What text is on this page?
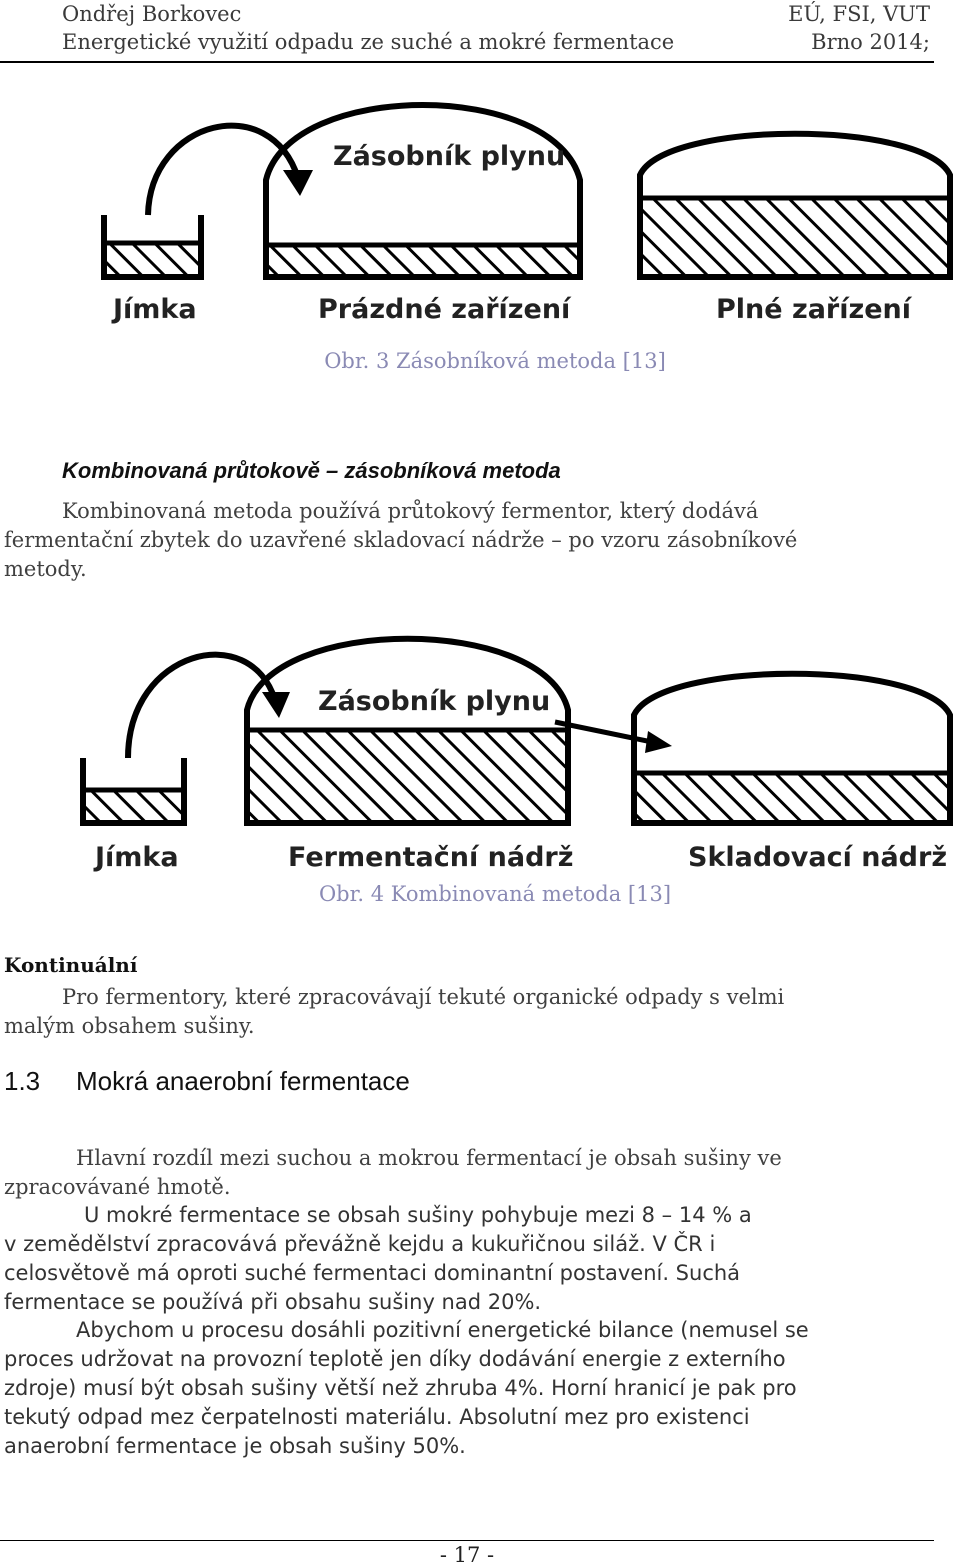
Ondřej Borkovec	EÚ, FSI, VUT
Energetické využití odpadu ze suché a mokré fermentace	Brno 2014;
Zásobník plynu
Jímka	Prázdné zařízení	Plné zařízení
Obr. 3 Zásobníková metoda [13]
Kombinovaná průtokově – zásobníková metoda

Kombinovaná metoda používá průtokový fermentor, který dodává

fermentační zbytek do uzavřené skladovací nádrže – po vzoru zásobníkové

metody.

Zásobník plynu
Jímka	Fermentační nádrž	Skladovací nádrž
Obr. 4 Kombinovaná metoda [13]
Kontinuální

Pro fermentory, které zpracovávají tekuté organické odpady s velmi

malým obsahem sušiny.

1.3 Mokrá anaerobní fermentace

Hlavní rozdíl mezi suchou a mokrou fermentací je obsah sušiny ve

zpracovávané hmotě.

U mokré fermentace se obsah sušiny pohybuje mezi 8 – 14 % a

v zemědělství zpracovává převážně kejdu a kukuřičnou siláž. V ČR i

celosvětově má oproti suché fermentaci dominantní postavení. Suchá

fermentace se používá při obsahu sušiny nad 20%.

Abychom u procesu dosáhli pozitivní energetické bilance (nemusel se

proces udržovat na provozní teplotě jen díky dodávání energie z externího

zdroje) musí být obsah sušiny větší než zhruba 4%. Horní hranicí je pak pro

tekutý odpad mez čerpatelnosti materiálu. Absolutní mez pro existenci

anaerobní fermentace je obsah sušiny 50%.

- 17 -
